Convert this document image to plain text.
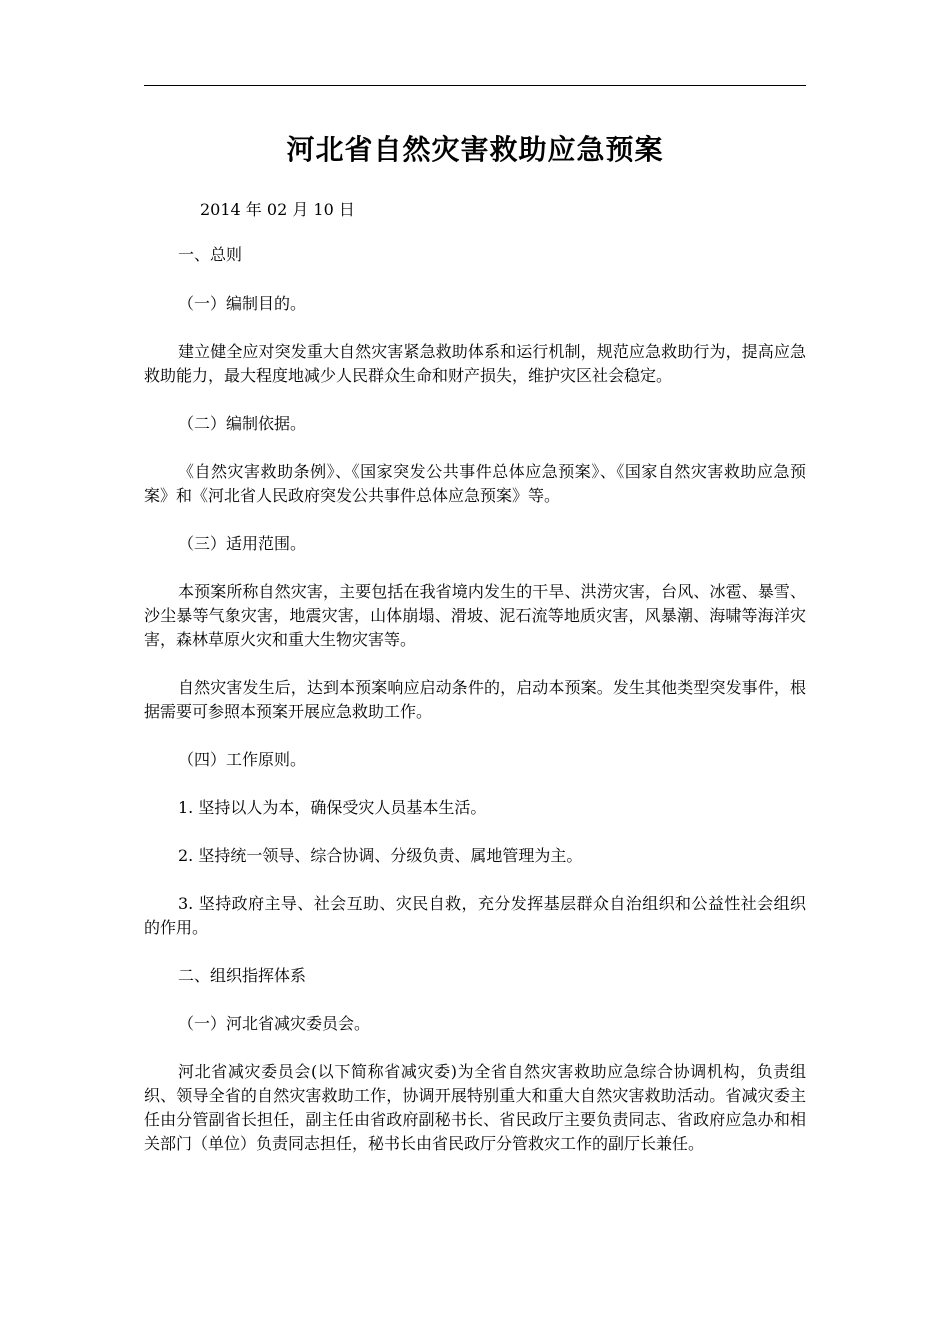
河北省自然灾害救助应急预案
2014 年 02 月 10 日

一、总则

（一）编制目的。

建立健全应对突发重大自然灾害紧急救助体系和运行机制，规范应急救助行为，提高应急救助能力，最大程度地减少人民群众生命和财产损失，维护灾区社会稳定。

（二）编制依据。

《自然灾害救助条例》、《国家突发公共事件总体应急预案》、《国家自然灾害救助应急预案》和《河北省人民政府突发公共事件总体应急预案》等。

（三）适用范围。

本预案所称自然灾害，主要包括在我省境内发生的干旱、洪涝灾害，台风、冰雹、暴雪、沙尘暴等气象灾害，地震灾害，山体崩塌、滑坡、泥石流等地质灾害，风暴潮、海啸等海洋灾害，森林草原火灾和重大生物灾害等。

自然灾害发生后，达到本预案响应启动条件的，启动本预案。发生其他类型突发事件，根据需要可参照本预案开展应急救助工作。

（四）工作原则。

1. 坚持以人为本，确保受灾人员基本生活。

2. 坚持统一领导、综合协调、分级负责、属地管理为主。

3. 坚持政府主导、社会互助、灾民自救，充分发挥基层群众自治组织和公益性社会组织的作用。

二、组织指挥体系

（一）河北省减灾委员会。

河北省减灾委员会(以下简称省减灾委)为全省自然灾害救助应急综合协调机构，负责组织、领导全省的自然灾害救助工作，协调开展特别重大和重大自然灾害救助活动。省减灾委主任由分管副省长担任，副主任由省政府副秘书长、省民政厅主要负责同志、省政府应急办和相关部门（单位）负责同志担任，秘书长由省民政厅分管救灾工作的副厅长兼任。
